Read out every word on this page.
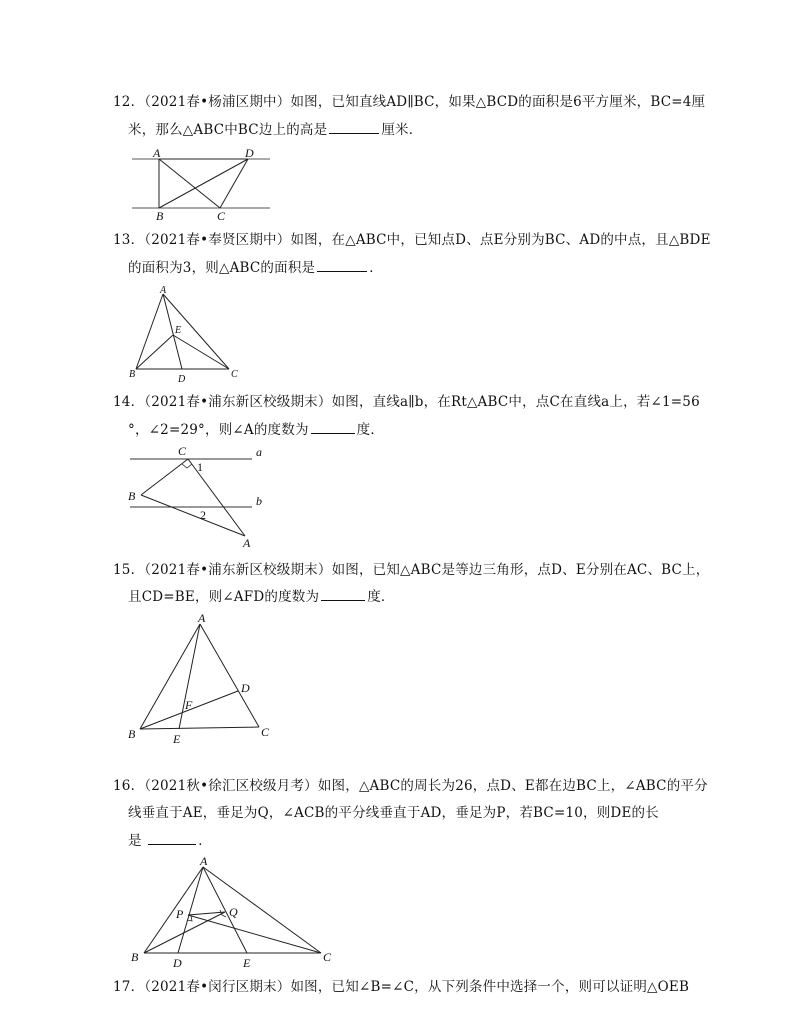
12．（2021春•杨浦区期中）如图，已知直线AD∥BC，如果△BCD的面积是6平方厘米，BC=4厘
米，那么△ABC中BC边上的高是	厘米．
A	D
B	C
13．（2021春•奉贤区期中）如图，在△ABC中，已知点D、点E分别为BC、AD的中点，且△BDE
的面积为3，则△ABC的面积是	．
A
E
B	D	C
14．（2021春•浦东新区校级期末）如图，直线a∥b，在Rt△ABC中，点C在直线a上，若∠1=56
°，∠2=29°，则∠A的度数为	度．
C	a
1
B	b
2
A
15．（2021春•浦东新区校级期末）如图，已知△ABC是等边三角形，点D、E分别在AC、BC上，
且CD=BE，则∠AFD的度数为	度．
A
D
F
B	E	C
16．（2021秋•徐汇区校级月考）如图，△ABC的周长为26，点D、E都在边BC上，∠ABC的平分
线垂直于AE，垂足为Q，∠ACB的平分线垂直于AD，垂足为P，若BC=10，则DE的长
是	．
A
P	Q
B	D	E	C
17．（2021春•闵行区期末）如图，已知∠B=∠C，从下列条件中选择一个，则可以证明△OEB
